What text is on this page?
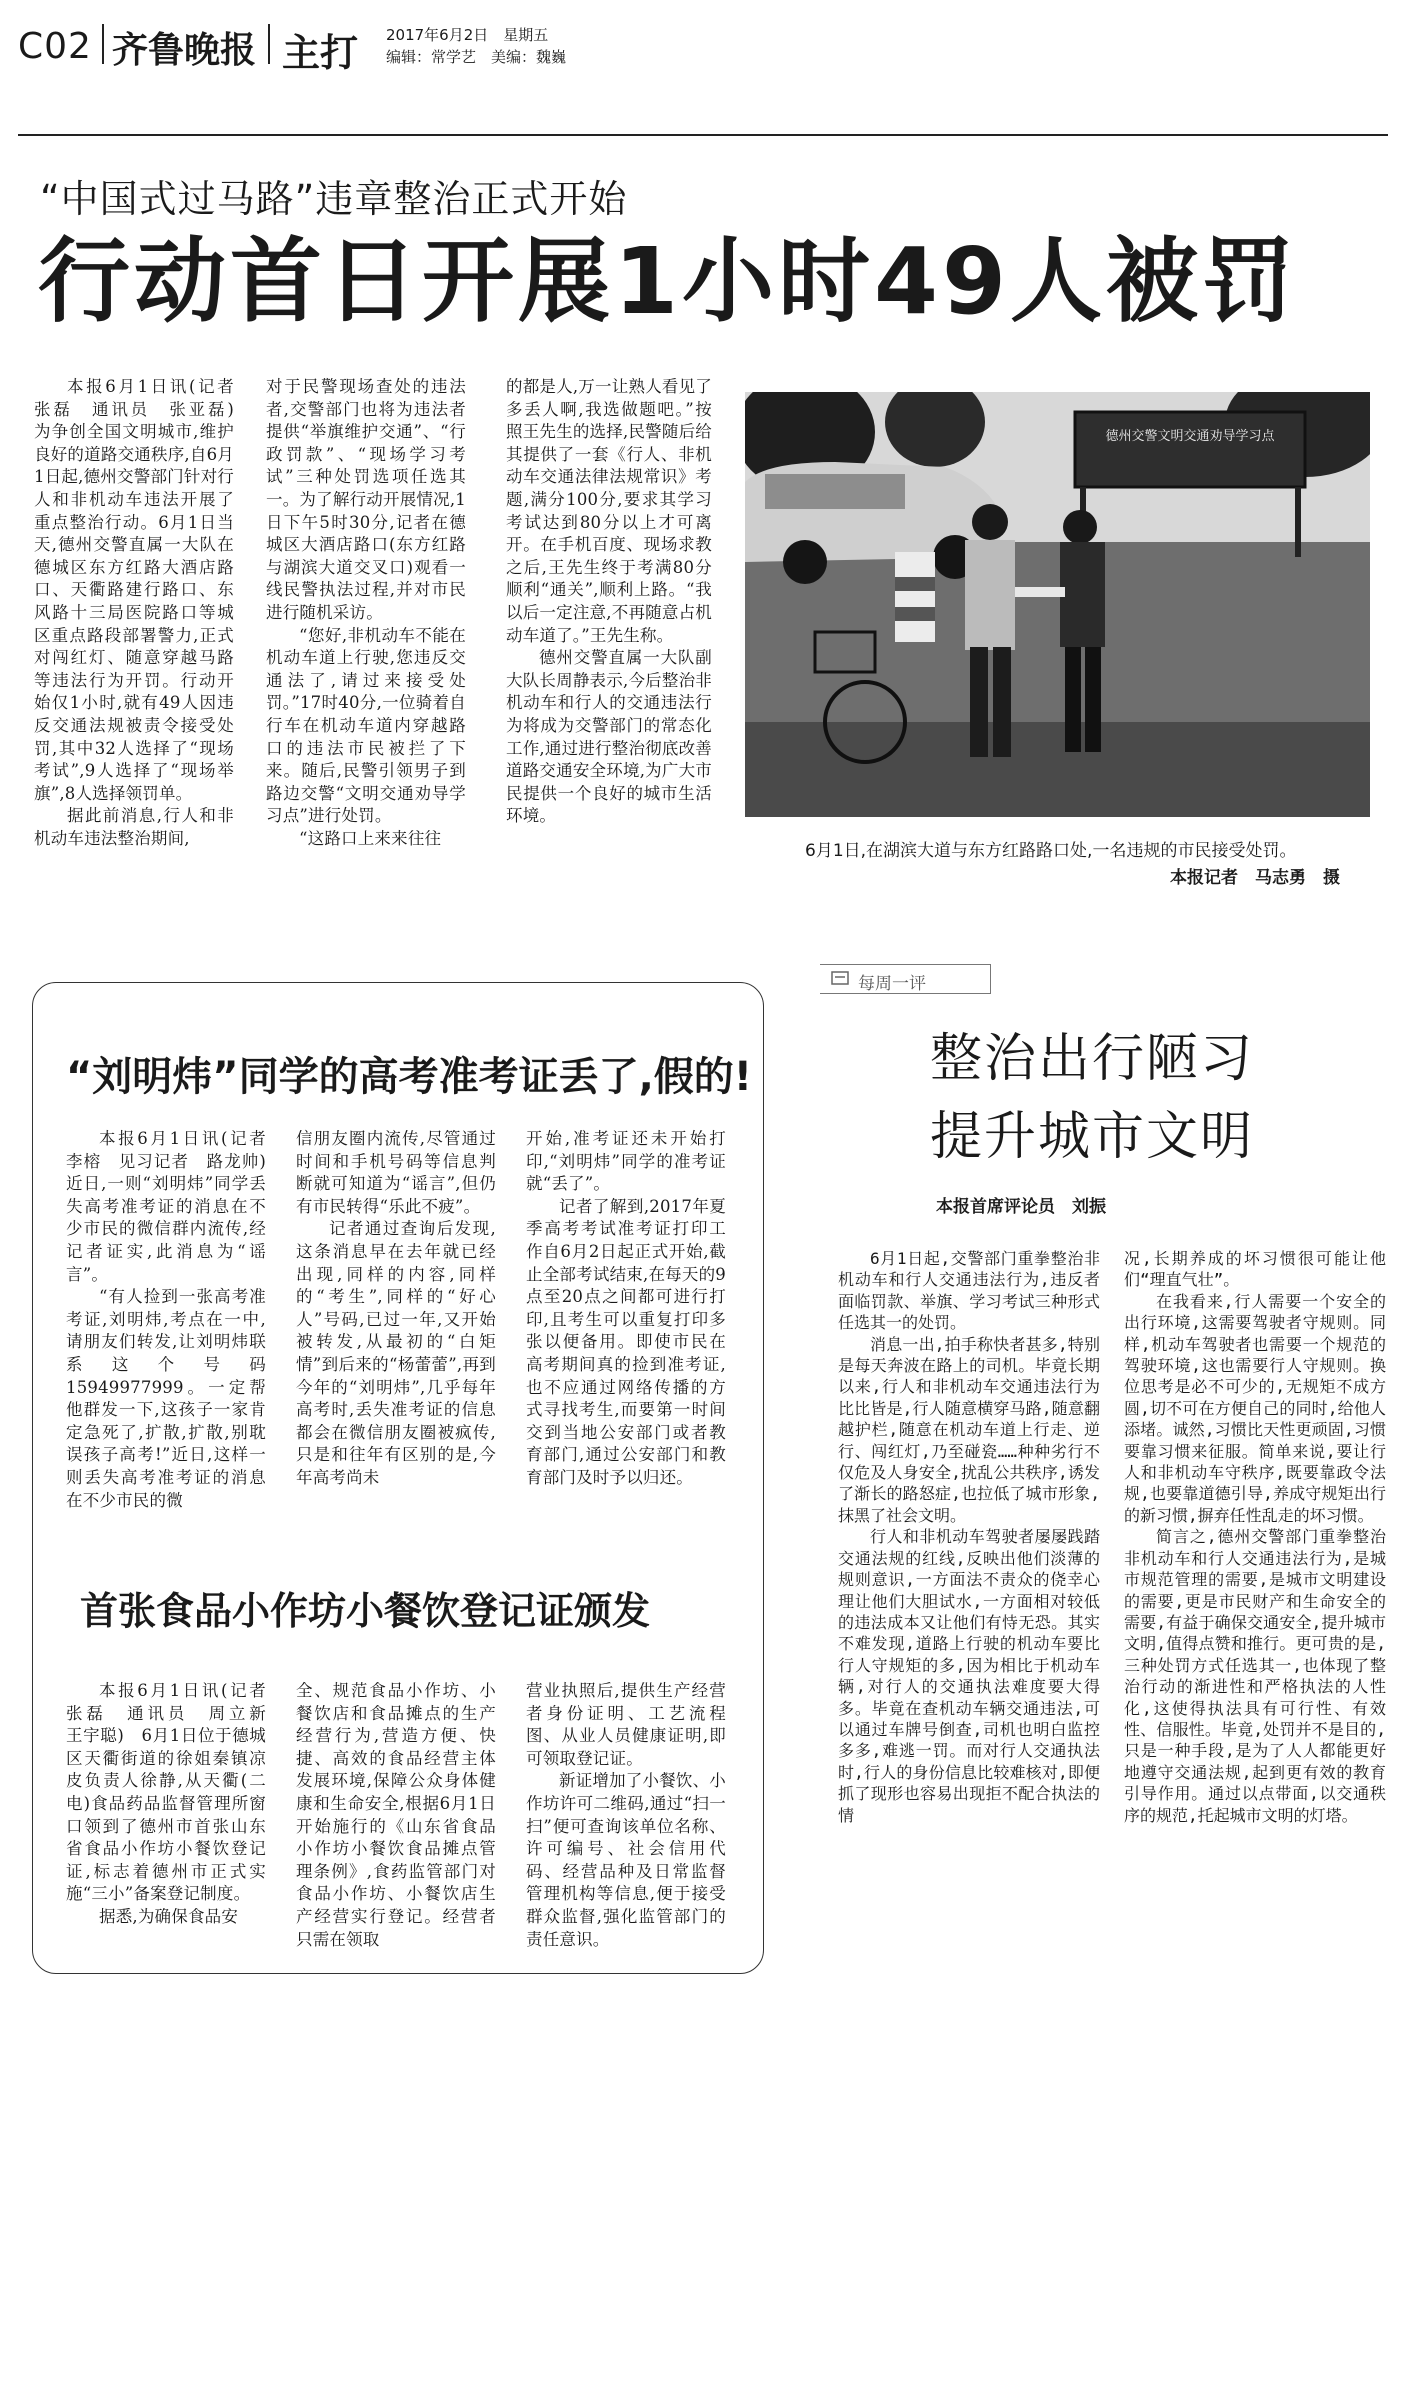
C02 齐鲁晚报 主打 2017年6月2日　星期五
编辑：常学艺　美编：魏巍
“中国式过马路”违章整治正式开始
行动首日开展1小时49人被罚

本报6月1日讯(记者　张磊　通讯员　张亚磊)　为争创全国文明城市,维护良好的道路交通秩序,自6月1日起,德州交警部门针对行人和非机动车违法开展了重点整治行动。6月1日当天,德州交警直属一大队在德城区东方红路大酒店路口、天衢路建行路口、东风路十三局医院路口等城区重点路段部署警力,正式对闯红灯、随意穿越马路等违法行为开罚。行动开始仅1小时,就有49人因违反交通法规被责令接受处罚,其中32人选择了“现场考试”,9人选择了“现场举旗”,8人选择领罚单。

据此前消息,行人和非机动车违法整治期间,

对于民警现场查处的违法者,交警部门也将为违法者提供“举旗维护交通”、“行政罚款”、“现场学习考试”三种处罚选项任选其一。为了解行动开展情况,1日下午5时30分,记者在德城区大酒店路口(东方红路与湖滨大道交叉口)观看一线民警执法过程,并对市民进行随机采访。

“您好,非机动车不能在机动车道上行驶,您违反交通法了,请过来接受处罚。”17时40分,一位骑着自行车在机动车道内穿越路口的违法市民被拦了下来。随后,民警引领男子到路边交警“文明交通劝导学习点”进行处罚。

“这路口上来来往往

的都是人,万一让熟人看见了多丢人啊,我选做题吧。”按照王先生的选择,民警随后给其提供了一套《行人、非机动车交通法律法规常识》考题,满分100分,要求其学习考试达到80分以上才可离开。在手机百度、现场求教之后,王先生终于考满80分顺利“通关”,顺利上路。“我以后一定注意,不再随意占机动车道了。”王先生称。

德州交警直属一大队副大队长周静表示,今后整治非机动车和行人的交通违法行为将成为交警部门的常态化工作,通过进行整治彻底改善道路交通安全环境,为广大市民提供一个良好的城市生活环境。

德州交警文明交通劝导学习点
6月1日,在湖滨大道与东方红路路口处,一名违规的市民接受处罚。
本报记者　马志勇　摄
“刘明炜”同学的高考准考证丢了,假的!

本报6月1日讯(记者　李榕　见习记者　路龙帅)　近日,一则“刘明炜”同学丢失高考准考证的消息在不少市民的微信群内流传,经记者证实,此消息为“谣言”。

“有人捡到一张高考准考证,刘明炜,考点在一中,请朋友们转发,让刘明炜联系这个号码15949977999。一定帮他群发一下,这孩子一家肯定急死了,扩散,扩散,别耽误孩子高考!”近日,这样一则丢失高考准考证的消息在不少市民的微

信朋友圈内流传,尽管通过时间和手机号码等信息判断就可知道为“谣言”,但仍有市民转得“乐此不疲”。

记者通过查询后发现,这条消息早在去年就已经出现,同样的内容,同样的“考生”,同样的“好心人”号码,已过一年,又开始被转发,从最初的“白矩情”到后来的“杨蕾蕾”,再到今年的“刘明炜”,几乎每年高考时,丢失准考证的信息都会在微信朋友圈被疯传,只是和往年有区别的是,今年高考尚未

开始,准考证还未开始打印,“刘明炜”同学的准考证就“丢了”。

记者了解到,2017年夏季高考考试准考证打印工作自6月2日起正式开始,截止全部考试结束,在每天的9点至20点之间都可进行打印,且考生可以重复打印多张以便备用。即使市民在高考期间真的捡到准考证,也不应通过网络传播的方式寻找考生,而要第一时间交到当地公安部门或者教育部门,通过公安部门和教育部门及时予以归还。

首张食品小作坊小餐饮登记证颁发

本报6月1日讯(记者　张磊　通讯员　周立新　王宇聪)　6月1日位于德城区天衢街道的徐姐秦镇凉皮负责人徐静,从天衢(二电)食品药品监督管理所窗口领到了德州市首张山东省食品小作坊小餐饮登记证,标志着德州市正式实施“三小”备案登记制度。

据悉,为确保食品安

全、规范食品小作坊、小餐饮店和食品摊点的生产经营行为,营造方便、快捷、高效的食品经营主体发展环境,保障公众身体健康和生命安全,根据6月1日开始施行的《山东省食品小作坊小餐饮食品摊点管理条例》,食药监管部门对食品小作坊、小餐饮店生产经营实行登记。经营者只需在领取

营业执照后,提供生产经营者身份证明、工艺流程图、从业人员健康证明,即可领取登记证。

新证增加了小餐饮、小作坊许可二维码,通过“扫一扫”便可查询该单位名称、许可编号、社会信用代码、经营品种及日常监督管理机构等信息,便于接受群众监督,强化监管部门的责任意识。

每周一评
整治出行陋习
提升城市文明
本报首席评论员　刘振

6月1日起,交警部门重拳整治非机动车和行人交通违法行为,违反者面临罚款、举旗、学习考试三种形式任选其一的处罚。

消息一出,拍手称快者甚多,特别是每天奔波在路上的司机。毕竟长期以来,行人和非机动车交通违法行为比比皆是,行人随意横穿马路,随意翻越护栏,随意在机动车道上行走、逆行、闯红灯,乃至碰瓷……种种劣行不仅危及人身安全,扰乱公共秩序,诱发了渐长的路怒症,也拉低了城市形象,抹黑了社会文明。

行人和非机动车驾驶者屡屡践踏交通法规的红线,反映出他们淡薄的规则意识,一方面法不责众的侥幸心理让他们大胆试水,一方面相对较低的违法成本又让他们有恃无恐。其实不难发现,道路上行驶的机动车要比行人守规矩的多,因为相比于机动车辆,对行人的交通执法难度要大得多。毕竟在查机动车辆交通违法,可以通过车牌号倒查,司机也明白监控多多,难逃一罚。而对行人交通执法时,行人的身份信息比较难核对,即便抓了现形也容易出现拒不配合执法的情

况,长期养成的坏习惯很可能让他们“理直气壮”。

在我看来,行人需要一个安全的出行环境,这需要驾驶者守规则。同样,机动车驾驶者也需要一个规范的驾驶环境,这也需要行人守规则。换位思考是必不可少的,无规矩不成方圆,切不可在方便自己的同时,给他人添堵。诚然,习惯比天性更顽固,习惯要靠习惯来征服。简单来说,要让行人和非机动车守秩序,既要靠政令法规,也要靠道德引导,养成守规矩出行的新习惯,摒弃任性乱走的坏习惯。

简言之,德州交警部门重拳整治非机动车和行人交通违法行为,是城市规范管理的需要,是城市文明建设的需要,更是市民财产和生命安全的需要,有益于确保交通安全,提升城市文明,值得点赞和推行。更可贵的是,三种处罚方式任选其一,也体现了整治行动的渐进性和严格执法的人性化,这使得执法具有可行性、有效性、信服性。毕竟,处罚并不是目的,只是一种手段,是为了人人都能更好地遵守交通法规,起到更有效的教育引导作用。通过以点带面,以交通秩序的规范,托起城市文明的灯塔。
